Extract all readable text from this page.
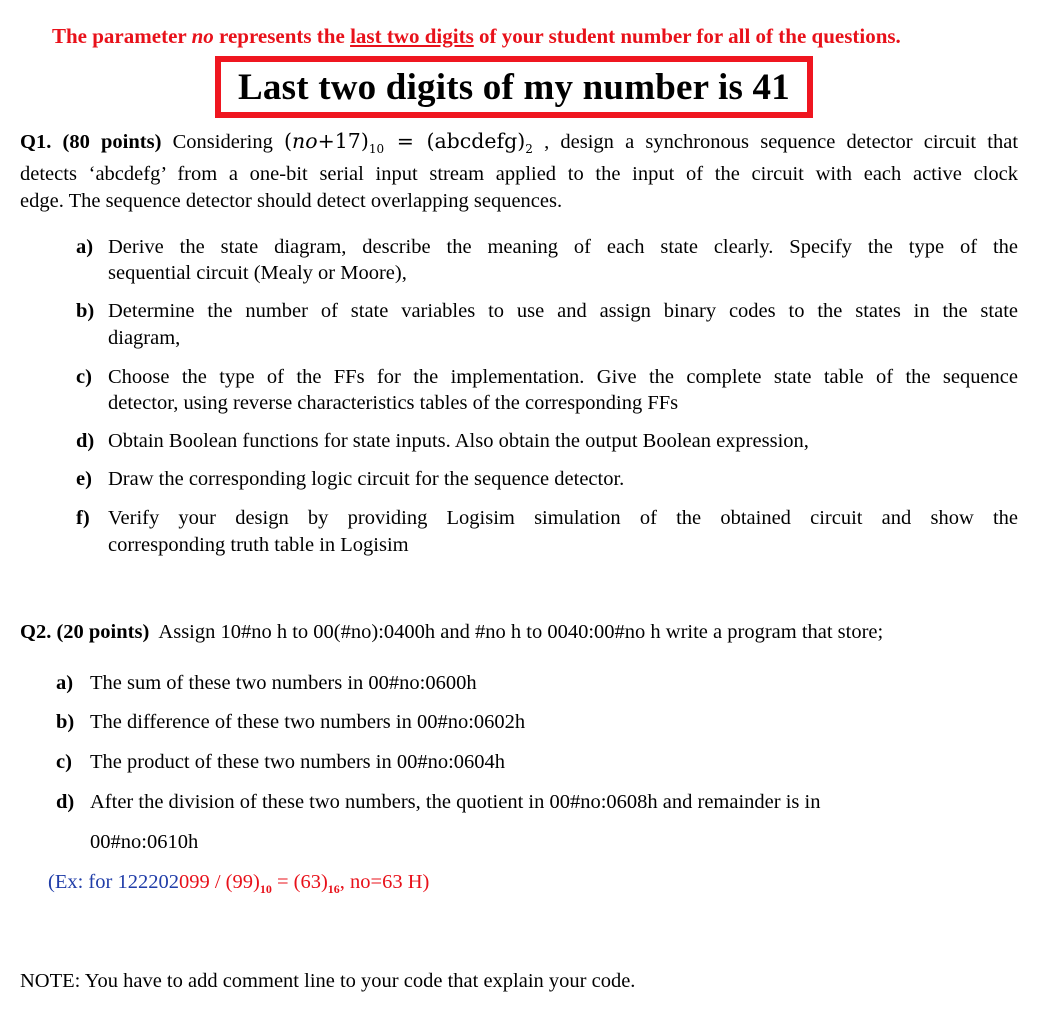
The parameter no represents the last two digits of your student number for all of the questions.
Last two digits of my number is 41
Q1. (80 points) Considering $(no+17)_{10}$ = $(abcdefg)_2$ , design a synchronous sequence detector circuit that
detects ‘abcdefg’ from a one-bit serial input stream applied to the input of the circuit with each active clock
edge. The sequence detector should detect overlapping sequences.
a) Derive the state diagram, describe the meaning of each state clearly. Specify the type of the
sequential circuit (Mealy or Moore),
b) Determine the number of state variables to use and assign binary codes to the states in the state
diagram,
c) Choose the type of the FFs for the implementation. Give the complete state table of the sequence
detector, using reverse characteristics tables of the corresponding FFs
d) Obtain Boolean functions for state inputs. Also obtain the output Boolean expression,
e) Draw the corresponding logic circuit for the sequence detector.
f) Verify your design by providing Logisim simulation of the obtained circuit and show the
corresponding truth table in Logisim
Q2. (20 points) Assign 10#no h to 00(#no):0400h and #no h to 0040:00#no h write a program that store;
a) The sum of these two numbers in 00#no:0600h
b) The difference of these two numbers in 00#no:0602h
c) The product of these two numbers in 00#no:0604h
d) After the division of these two numbers, the quotient in 00#no:0608h and remainder is in
00#no:0610h
(Ex: for $122202099 / (99)_{10} = (63)_{16}$, no=63 H)
NOTE: You have to add comment line to your code that explain your code.
